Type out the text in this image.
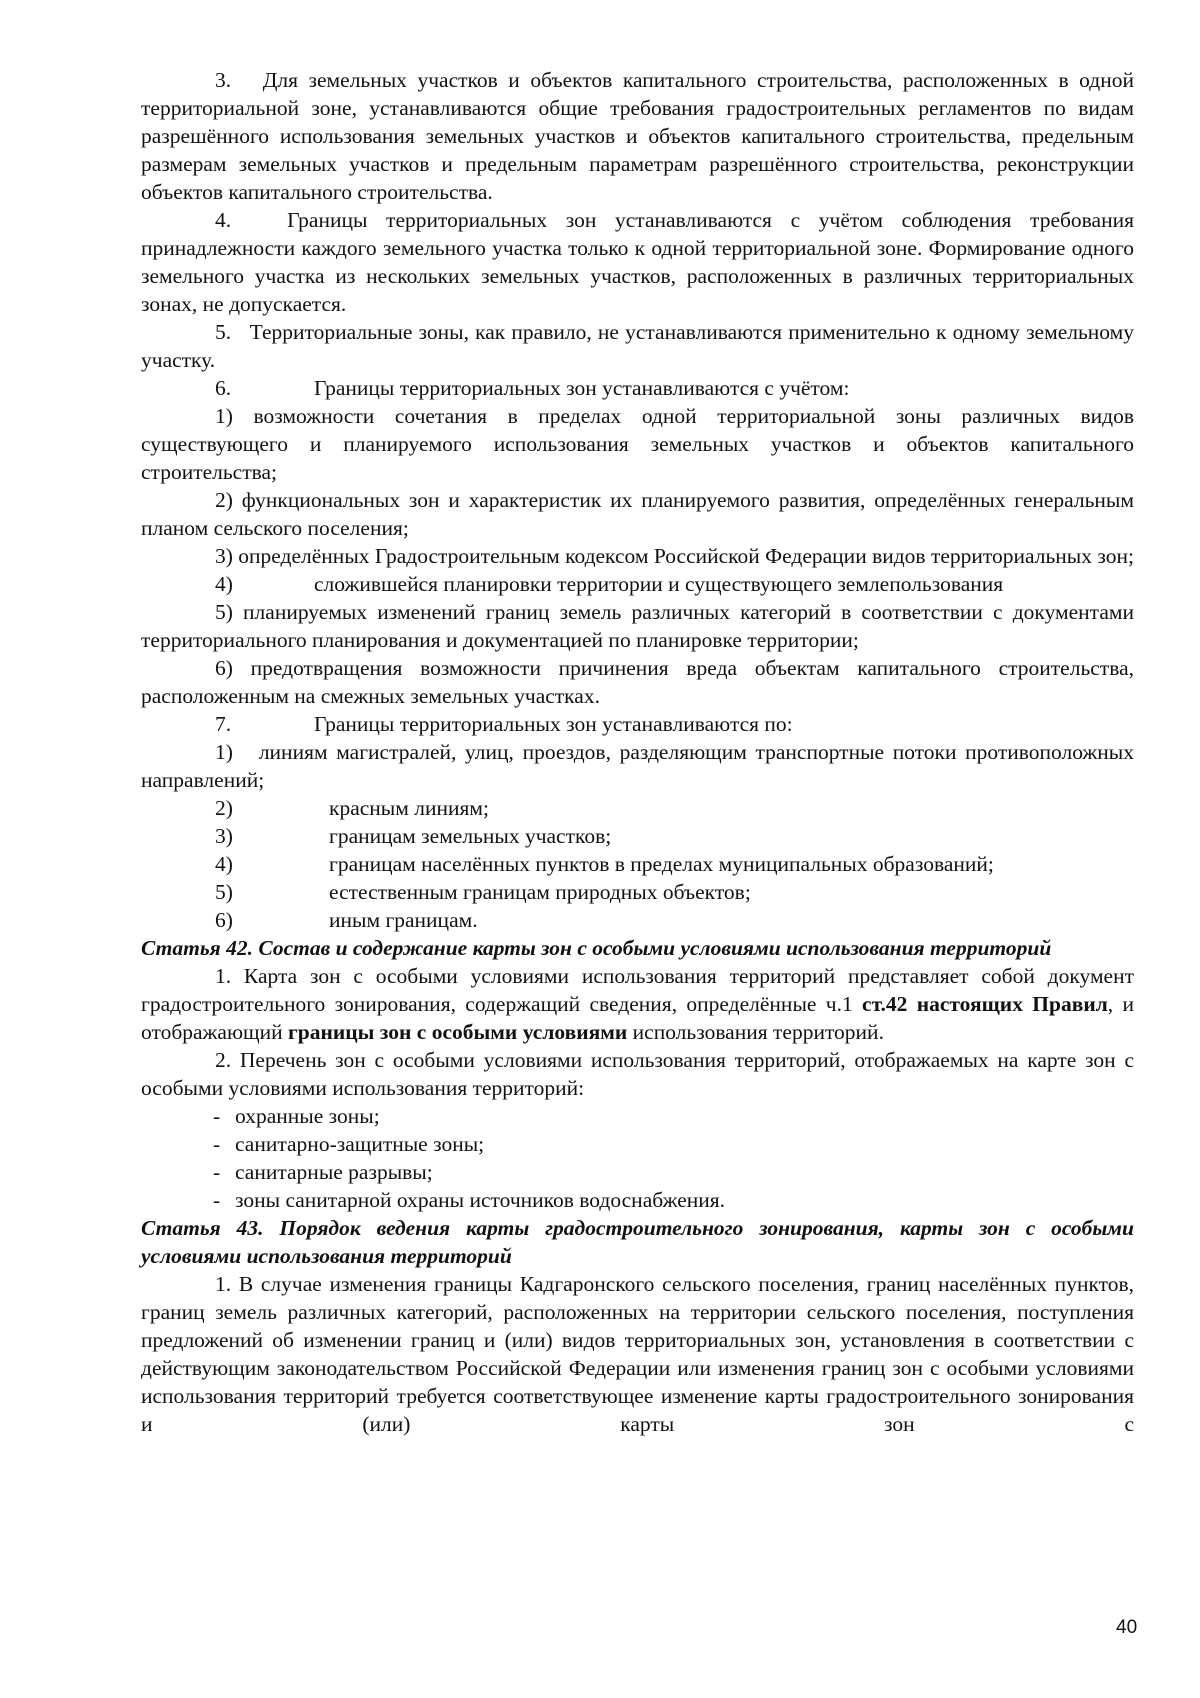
3.   Для земельных участков и объектов капитального строительства, расположенных в одной территориальной зоне, устанавливаются общие требования градостроительных регламентов по видам разрешённого использования земельных участков и объектов капитального строительства, предельным размерам земельных участков и предельным параметрам разрешённого строительства, реконструкции объектов капитального строительства.

4.   Границы территориальных зон устанавливаются с учётом соблюдения требования принадлежности каждого земельного участка только к одной территориальной зоне. Формирование одного земельного участка из нескольких земельных участков, расположенных в различных территориальных зонах, не допускается.

5.   Территориальные зоны, как правило, не устанавливаются применительно к одному земельному участку.

6.	Границы территориальных зон устанавливаются с учётом:

1) возможности сочетания в пределах одной территориальной зоны различных видов существующего и планируемого использования земельных участков и объектов капитального строительства;

2) функциональных зон и характеристик их планируемого развития, определённых генеральным планом сельского поселения;

3) определённых Градостроительным кодексом Российской Федерации видов территориальных зон;

4)	сложившейся планировки территории и существующего землепользования

5) планируемых изменений границ земель различных категорий в соответствии с документами территориального планирования и документацией по планировке территории;

6) предотвращения возможности причинения вреда объектам капитального строительства, расположенным на смежных земельных участках.

7.	Границы территориальных зон устанавливаются по:

1)   линиям магистралей, улиц, проездов, разделяющим транспортные потоки противоположных направлений;

2)	красным линиям;
3)	границам земельных участков;
4)	границам населённых пунктов в пределах муниципальных образований;
5)	естественным границам природных объектов;
6)	иным границам.

Статья 42. Состав и содержание карты зон с особыми условиями использования территорий

1. Карта зон с особыми условиями использования территорий представляет собой документ градостроительного зонирования, содержащий сведения, определённые ч.1 ст.42 настоящих Правил, и отображающий границы зон с особыми условиями использования территорий.

2. Перечень зон с особыми условиями использования территорий, отображаемых на карте зон с особыми условиями использования территорий:

- охранные зоны;
- санитарно-защитные зоны;
- санитарные разрывы;
- зоны санитарной охраны источников водоснабжения.

Статья 43. Порядок ведения карты градостроительного зонирования, карты зон с особыми условиями использования территорий

1. В случае изменения границы Кадгаронского сельского поселения, границ населённых пунктов, границ земель различных категорий, расположенных на территории сельского поселения, поступления предложений об изменении границ и (или) видов территориальных зон, установления в соответствии с действующим законодательством Российской Федерации или изменения границ зон с особыми условиями использования территорий требуется соответствующее изменение карты градостроительного зонирования и (или) карты зон с

40
